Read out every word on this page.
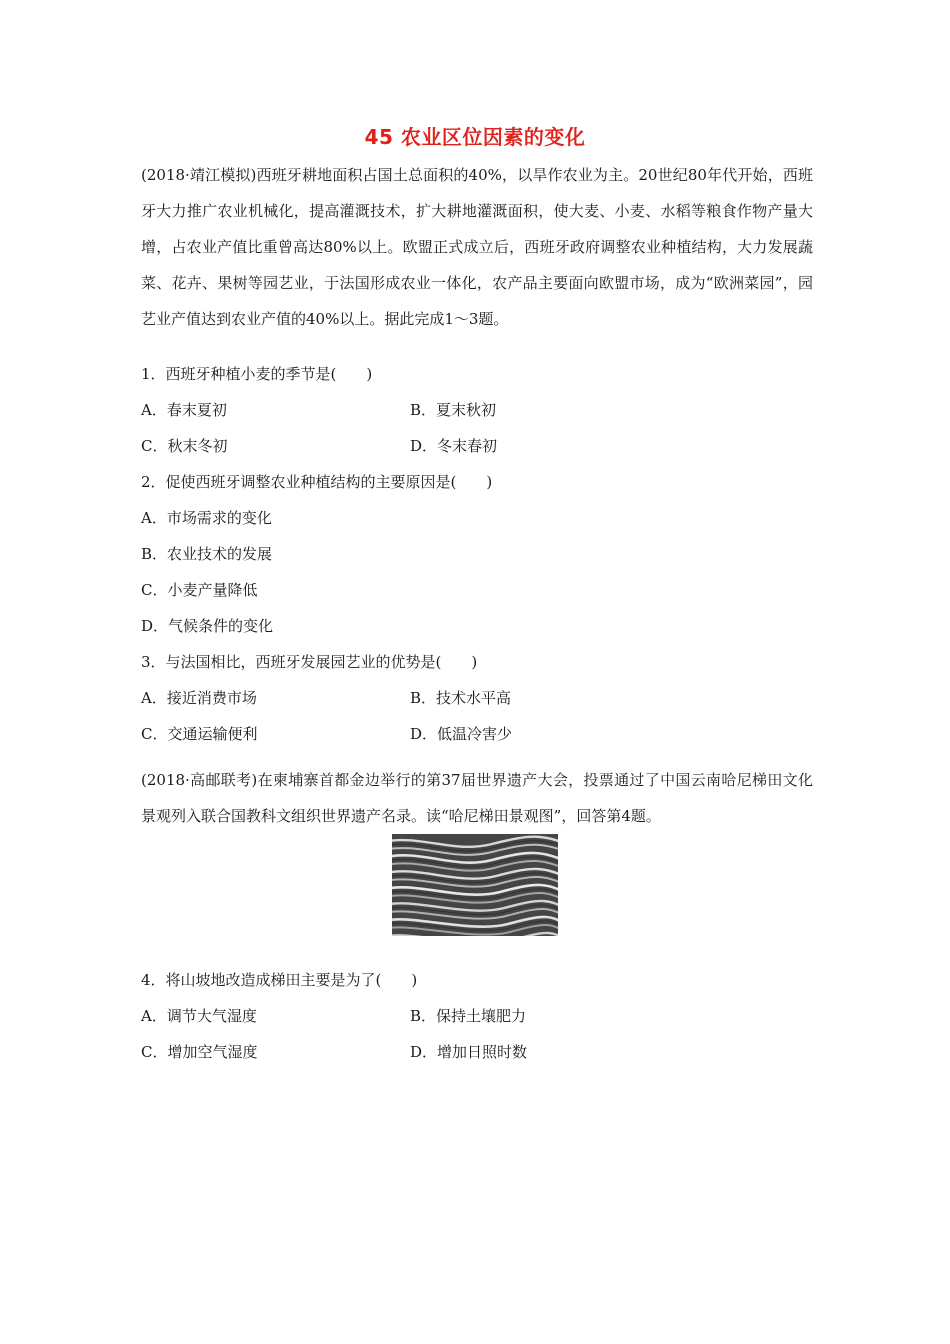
45 农业区位因素的变化
(2018·靖江模拟)西班牙耕地面积占国土总面积的40%，以旱作农业为主。20世纪80年代开始，西班牙大力推广农业机械化，提高灌溉技术，扩大耕地灌溉面积，使大麦、小麦、水稻等粮食作物产量大增，占农业产值比重曾高达80%以上。欧盟正式成立后，西班牙政府调整农业种植结构，大力发展蔬菜、花卉、果树等园艺业，于法国形成农业一体化，农产品主要面向欧盟市场，成为“欧洲菜园”，园艺业产值达到农业产值的40%以上。据此完成1～3题。
1．西班牙种植小麦的季节是(　　)
A．春末夏初	B．夏末秋初
C．秋末冬初	D．冬末春初
2．促使西班牙调整农业种植结构的主要原因是(　　)
A．市场需求的变化
B．农业技术的发展
C．小麦产量降低
D．气候条件的变化
3．与法国相比，西班牙发展园艺业的优势是(　　)
A．接近消费市场	B．技术水平高
C．交通运输便利	D．低温冷害少
(2018·高邮联考)在柬埔寨首都金边举行的第37届世界遗产大会，投票通过了中国云南哈尼梯田文化景观列入联合国教科文组织世界遗产名录。读“哈尼梯田景观图”，回答第4题。
4．将山坡地改造成梯田主要是为了(　　)
A．调节大气湿度	B．保持土壤肥力
C．增加空气湿度	D．增加日照时数
